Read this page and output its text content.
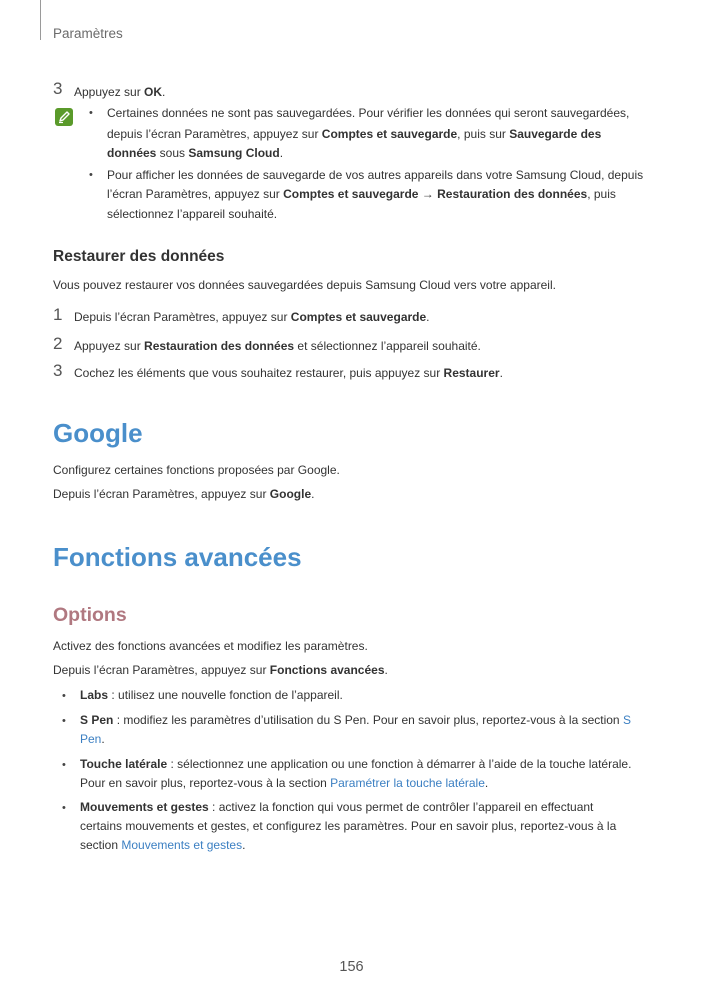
Paramètres
3 Appuyez sur OK.
• Certaines données ne sont pas sauvegardées. Pour vérifier les données qui seront sauvegardées,
depuis l’écran Paramètres, appuyez sur Comptes et sauvegarde, puis sur Sauvegarde des
données sous Samsung Cloud.
• Pour afficher les données de sauvegarde de vos autres appareils dans votre Samsung Cloud, depuis
l’écran Paramètres, appuyez sur Comptes et sauvegarde → Restauration des données, puis
sélectionnez l’appareil souhaité.
Restaurer des données
Vous pouvez restaurer vos données sauvegardées depuis Samsung Cloud vers votre appareil.
1 Depuis l’écran Paramètres, appuyez sur Comptes et sauvegarde.
2 Appuyez sur Restauration des données et sélectionnez l’appareil souhaité.
3 Cochez les éléments que vous souhaitez restaurer, puis appuyez sur Restaurer.
Google
Configurez certaines fonctions proposées par Google.
Depuis l’écran Paramètres, appuyez sur Google.
Fonctions avancées
Options
Activez des fonctions avancées et modifiez les paramètres.
Depuis l’écran Paramètres, appuyez sur Fonctions avancées.
• Labs : utilisez une nouvelle fonction de l’appareil.
• S Pen : modifiez les paramètres d’utilisation du S Pen. Pour en savoir plus, reportez-vous à la section S
Pen.
• Touche latérale : sélectionnez une application ou une fonction à démarrer à l’aide de la touche latérale.
Pour en savoir plus, reportez-vous à la section Paramétrer la touche latérale.
• Mouvements et gestes : activez la fonction qui vous permet de contrôler l’appareil en effectuant
certains mouvements et gestes, et configurez les paramètres. Pour en savoir plus, reportez-vous à la
section Mouvements et gestes.
156
